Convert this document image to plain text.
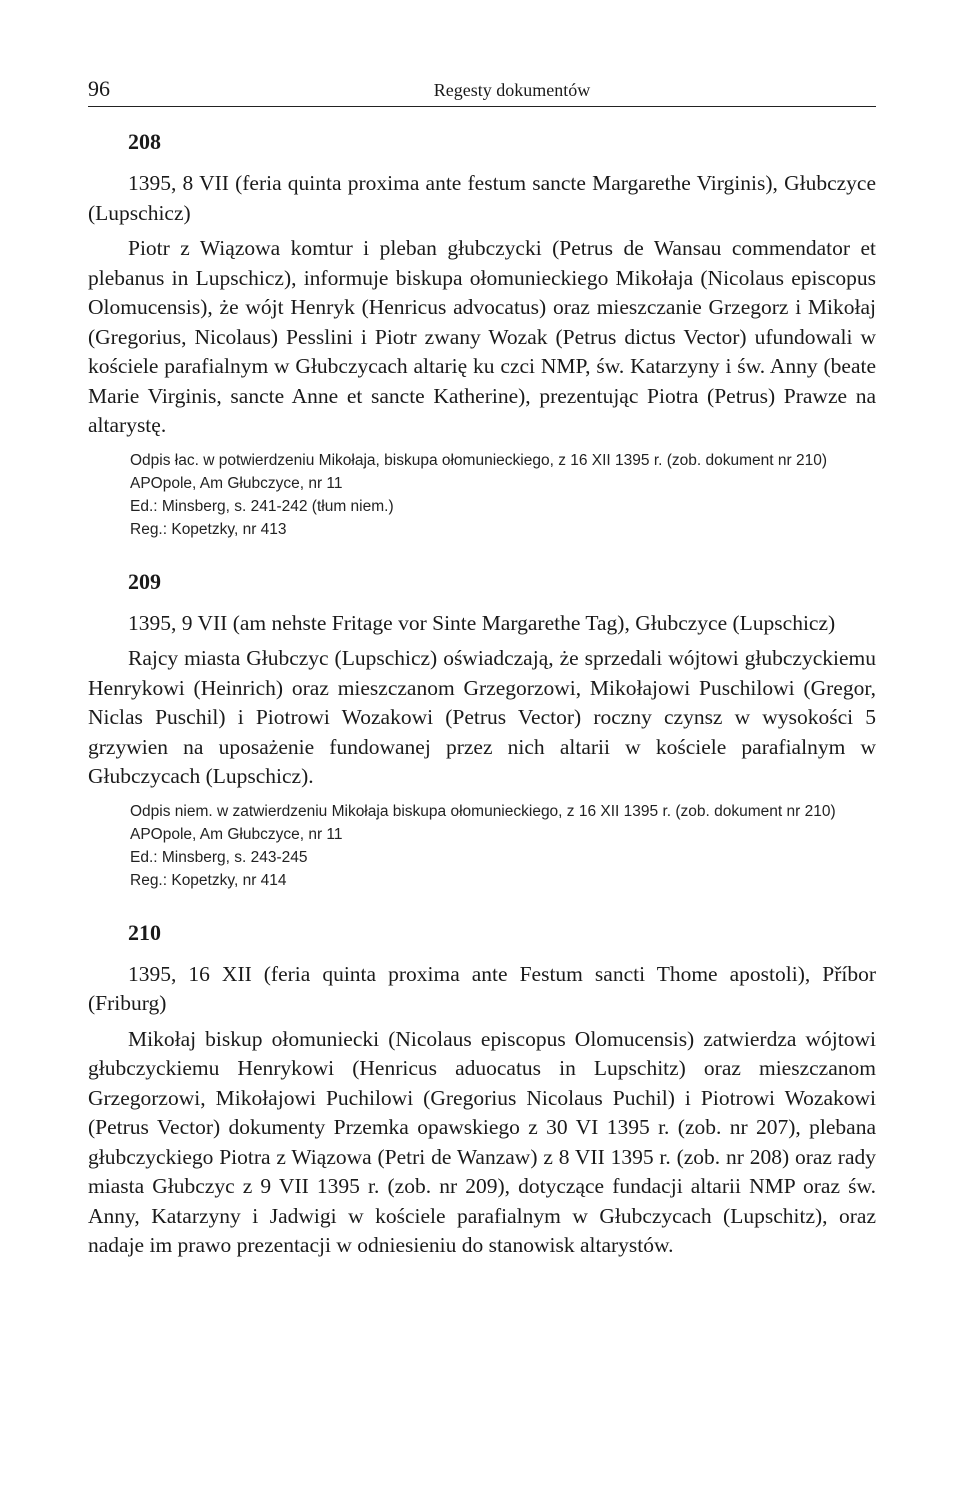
96	Regesty dokumentów
208

1395, 8 VII (feria quinta proxima ante festum sancte Margarethe Virginis), Głubczyce (Lupschicz)

Piotr z Wiązowa komtur i pleban głubczycki (Petrus de Wansau commendator et plebanus in Lupschicz), informuje biskupa ołomunieckiego Mikołaja (Nicolaus episcopus Olomucensis), że wójt Henryk (Henricus advocatus) oraz mieszczanie Grzegorz i Mikołaj (Gregorius, Nicolaus) Pesslini i Piotr zwany Wozak (Petrus dictus Vector) ufundowali w kościele parafialnym w Głubczycach altarię ku czci NMP, św. Katarzyny i św. Anny (beate Marie Virginis, sancte Anne et sancte Katherine), prezentując Piotra (Petrus) Prawze na altarystę.

Odpis łac. w potwierdzeniu Mikołaja, biskupa ołomunieckiego, z 16 XII 1395 r. (zob. dokument nr 210)
APOpole, Am Głubczyce, nr 11
Ed.: Minsberg, s. 241-242 (tłum niem.)
Reg.: Kopetzky, nr 413
209

1395, 9 VII (am nehste Fritage vor Sinte Margarethe Tag), Głubczyce (Lupschicz)

Rajcy miasta Głubczyc (Lupschicz) oświadczają, że sprzedali wójtowi głubczyckiemu Henrykowi (Heinrich) oraz mieszczanom Grzegorzowi, Mikołajowi Puschilowi (Gregor, Niclas Puschil) i Piotrowi Wozakowi (Petrus Vector) roczny czynsz w wysokości 5 grzywien na uposażenie fundowanej przez nich altarii w kościele parafialnym w Głubczycach (Lupschicz).

Odpis niem. w zatwierdzeniu Mikołaja biskupa ołomunieckiego, z 16 XII 1395 r. (zob. dokument nr 210)
APOpole, Am Głubczyce, nr 11
Ed.: Minsberg, s. 243-245
Reg.: Kopetzky, nr 414
210

1395, 16 XII (feria quinta proxima ante Festum sancti Thome apostoli), Příbor (Friburg)

Mikołaj biskup ołomuniecki (Nicolaus episcopus Olomucensis) zatwierdza wójtowi głubczyckiemu Henrykowi (Henricus aduocatus in Lupschitz) oraz mieszczanom Grzegorzowi, Mikołajowi Puchilowi (Gregorius Nicolaus Puchil) i Piotrowi Wozakowi (Petrus Vector) dokumenty Przemka opawskiego z 30 VI 1395 r. (zob. nr 207), plebana głubczyckiego Piotra z Wiązowa (Petri de Wanzaw) z 8 VII 1395 r. (zob. nr 208) oraz rady miasta Głubczyc z 9 VII 1395 r. (zob. nr 209), dotyczące fundacji altarii NMP oraz św. Anny, Katarzyny i Jadwigi w kościele parafialnym w Głubczycach (Lupschitz), oraz nadaje im prawo prezentacji w odniesieniu do stanowisk altarystów.
